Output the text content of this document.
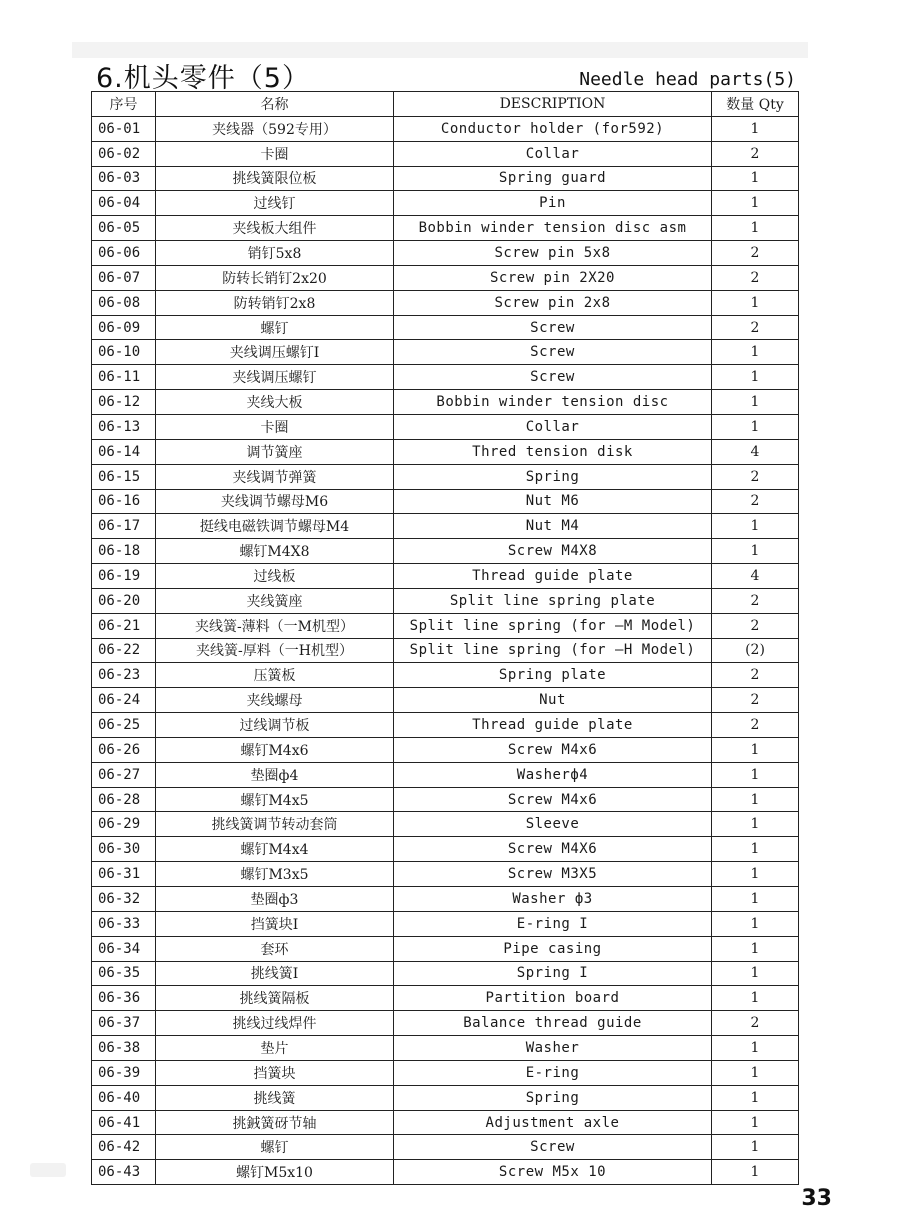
6.机头零件（5）	Needle head parts(5)
序号	名称	DESCRIPTION	数量 Qty
06-01	夹线器（592专用）	Conductor holder (for592)	1
06-02	卡圈	Collar	2
06-03	挑线簧限位板	Spring guard	1
06-04	过线钉	Pin	1
06-05	夹线板大组件	Bobbin winder tension disc asm	1
06-06	销钉5x8	Screw pin 5x8	2
06-07	防转长销钉2x20	Screw pin 2X20	2
06-08	防转销钉2x8	Screw pin 2x8	1
06-09	螺钉	Screw	2
06-10	夹线调压螺钉I	Screw	1
06-11	夹线调压螺钉	Screw	1
06-12	夹线大板	Bobbin winder tension disc	1
06-13	卡圈	Collar	1
06-14	调节簧座	Thred tension disk	4
06-15	夹线调节弹簧	Spring	2
06-16	夹线调节螺母M6	Nut M6	2
06-17	挺线电磁铁调节螺母M4	Nut M4	1
06-18	螺钉M4X8	Screw M4X8	1
06-19	过线板	Thread guide plate	4
06-20	夹线簧座	Split line spring plate	2
06-21	夹线簧-薄料（一M机型）	Split line spring (for —M Model)	2
06-22	夹线簧-厚料（一H机型）	Split line spring (for —H Model)	(2)
06-23	压簧板	Spring plate	2
06-24	夹线螺母	Nut	2
06-25	过线调节板	Thread guide plate	2
06-26	螺钉M4x6	Screw M4x6	1
06-27	垫圈ф4	Washerф4	1
06-28	螺钉M4x5	Screw M4x6	1
06-29	挑线簧调节转动套筒	Sleeve	1
06-30	螺钉M4x4	Screw M4X6	1
06-31	螺钉M3x5	Screw M3X5	1
06-32	垫圈ф3	Washer ф3	1
06-33	挡簧块I	E-ring I	1
06-34	套环	Pipe casing	1
06-35	挑线簧I	Spring I	1
06-36	挑线簧隔板	Partition board	1
06-37	挑线过线焊件	Balance thread guide	2
06-38	垫片	Washer	1
06-39	挡簧块	E-ring	1
06-40	挑线簧	Spring	1
06-41	挑銊簧砑节轴	Adjustment axle	1
06-42	螺钉	Screw	1
06-43	螺钉M5x10	Screw M5x 10	1
33
